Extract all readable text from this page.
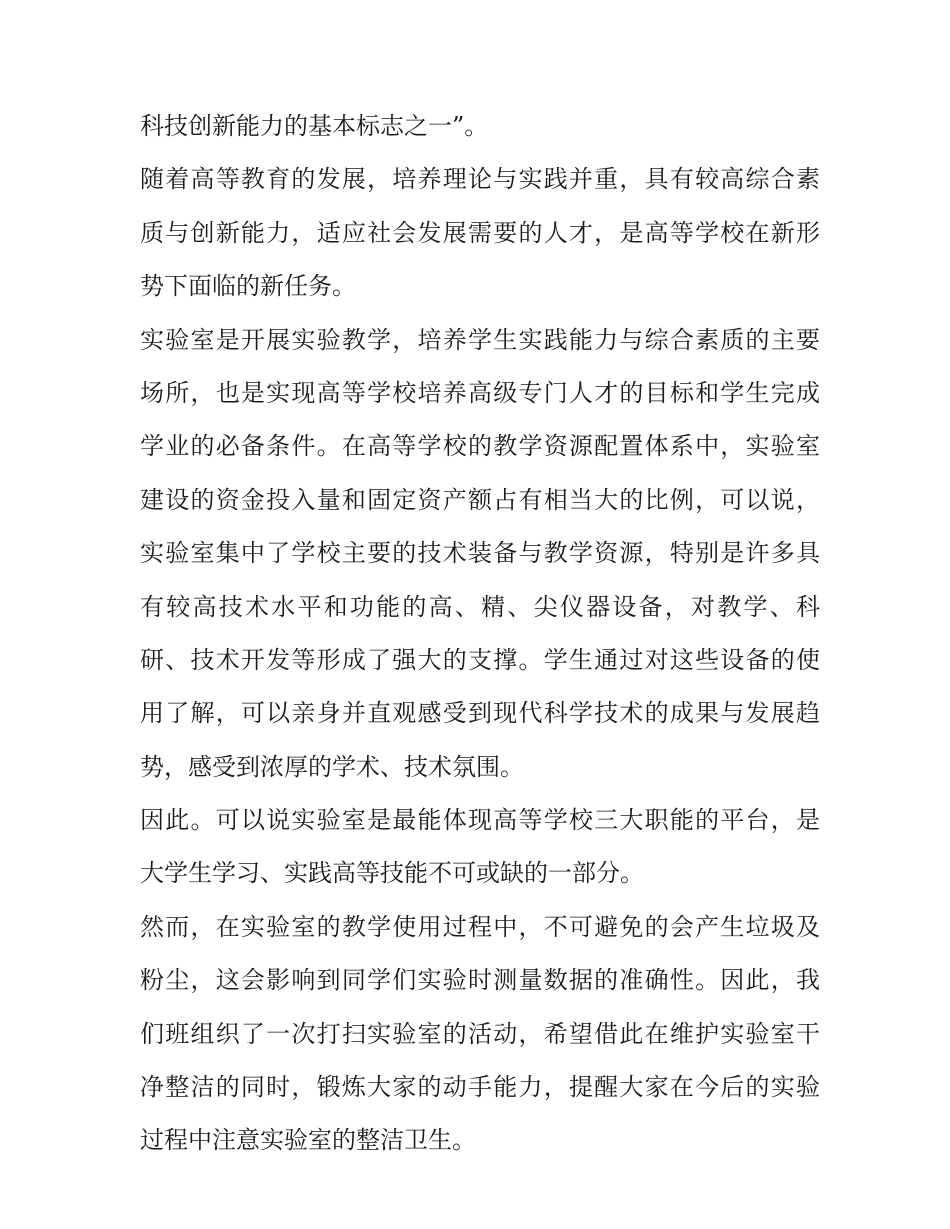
科技创新能力的基本标志之一”。
随着高等教育的发展，培养理论与实践并重，具有较高综合素
质与创新能力，适应社会发展需要的人才，是高等学校在新形
势下面临的新任务。
实验室是开展实验教学，培养学生实践能力与综合素质的主要
场所，也是实现高等学校培养高级专门人才的目标和学生完成
学业的必备条件。在高等学校的教学资源配置体系中，实验室
建设的资金投入量和固定资产额占有相当大的比例，可以说，
实验室集中了学校主要的技术装备与教学资源，特别是许多具
有较高技术水平和功能的高、精、尖仪器设备，对教学、科
研、技术开发等形成了强大的支撑。学生通过对这些设备的使
用了解，可以亲身并直观感受到现代科学技术的成果与发展趋
势，感受到浓厚的学术、技术氛围。
因此。可以说实验室是最能体现高等学校三大职能的平台，是
大学生学习、实践高等技能不可或缺的一部分。
然而，在实验室的教学使用过程中，不可避免的会产生垃圾及
粉尘，这会影响到同学们实验时测量数据的准确性。因此，我
们班组织了一次打扫实验室的活动，希望借此在维护实验室干
净整洁的同时，锻炼大家的动手能力，提醒大家在今后的实验
过程中注意实验室的整洁卫生。
